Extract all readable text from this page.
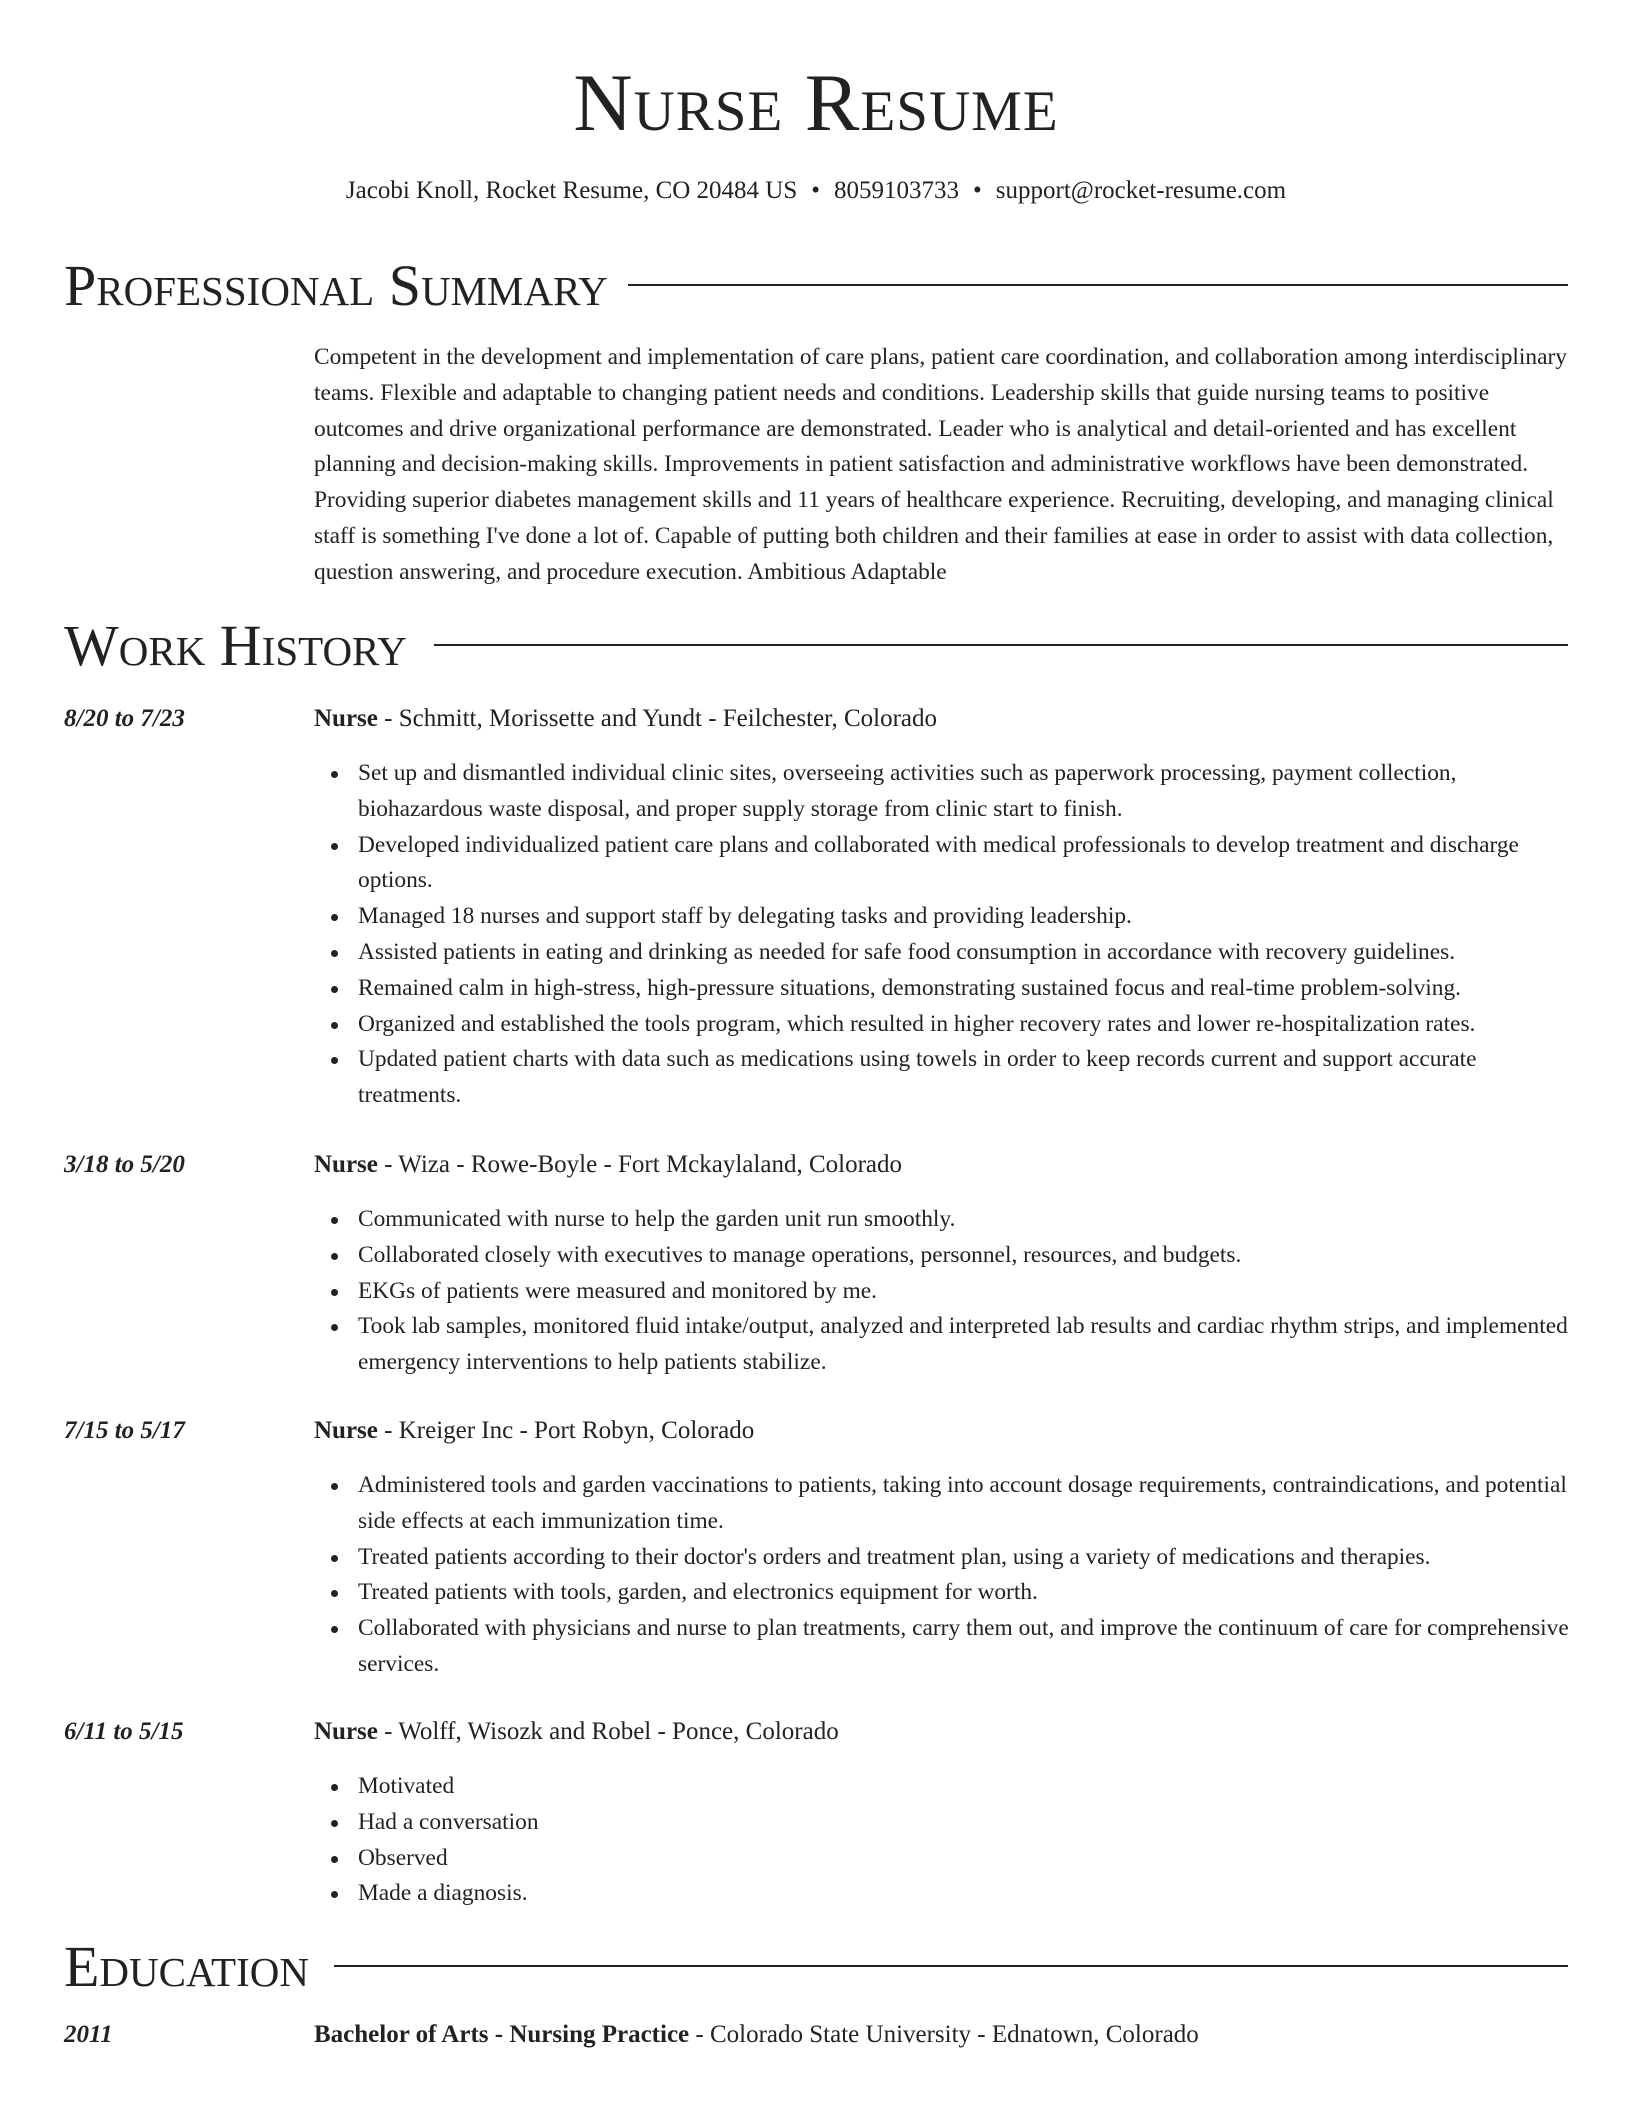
Nurse Resume
Jacobi Knoll, Rocket Resume, CO 20484 US • 8059103733 • support@rocket-resume.com
Professional Summary
Competent in the development and implementation of care plans, patient care coordination, and collaboration among interdisciplinary teams. Flexible and adaptable to changing patient needs and conditions. Leadership skills that guide nursing teams to positive outcomes and drive organizational performance are demonstrated. Leader who is analytical and detail-oriented and has excellent planning and decision-making skills. Improvements in patient satisfaction and administrative workflows have been demonstrated. Providing superior diabetes management skills and 11 years of healthcare experience. Recruiting, developing, and managing clinical staff is something I've done a lot of. Capable of putting both children and their families at ease in order to assist with data collection, question answering, and procedure execution. Ambitious Adaptable
Work History
8/20 to 7/23	Nurse - Schmitt, Morissette and Yundt - Feilchester, Colorado
Set up and dismantled individual clinic sites, overseeing activities such as paperwork processing, payment collection, biohazardous waste disposal, and proper supply storage from clinic start to finish.
Developed individualized patient care plans and collaborated with medical professionals to develop treatment and discharge options.
Managed 18 nurses and support staff by delegating tasks and providing leadership.
Assisted patients in eating and drinking as needed for safe food consumption in accordance with recovery guidelines.
Remained calm in high-stress, high-pressure situations, demonstrating sustained focus and real-time problem-solving.
Organized and established the tools program, which resulted in higher recovery rates and lower re-hospitalization rates.
Updated patient charts with data such as medications using towels in order to keep records current and support accurate treatments.
3/18 to 5/20	Nurse - Wiza - Rowe-Boyle - Fort Mckaylaland, Colorado
Communicated with nurse to help the garden unit run smoothly.
Collaborated closely with executives to manage operations, personnel, resources, and budgets.
EKGs of patients were measured and monitored by me.
Took lab samples, monitored fluid intake/output, analyzed and interpreted lab results and cardiac rhythm strips, and implemented emergency interventions to help patients stabilize.
7/15 to 5/17	Nurse - Kreiger Inc - Port Robyn, Colorado
Administered tools and garden vaccinations to patients, taking into account dosage requirements, contraindications, and potential side effects at each immunization time.
Treated patients according to their doctor's orders and treatment plan, using a variety of medications and therapies.
Treated patients with tools, garden, and electronics equipment for worth.
Collaborated with physicians and nurse to plan treatments, carry them out, and improve the continuum of care for comprehensive services.
6/11 to 5/15	Nurse - Wolff, Wisozk and Robel - Ponce, Colorado
Motivated
Had a conversation
Observed
Made a diagnosis.
Education
2011	Bachelor of Arts - Nursing Practice - Colorado State University - Ednatown, Colorado
